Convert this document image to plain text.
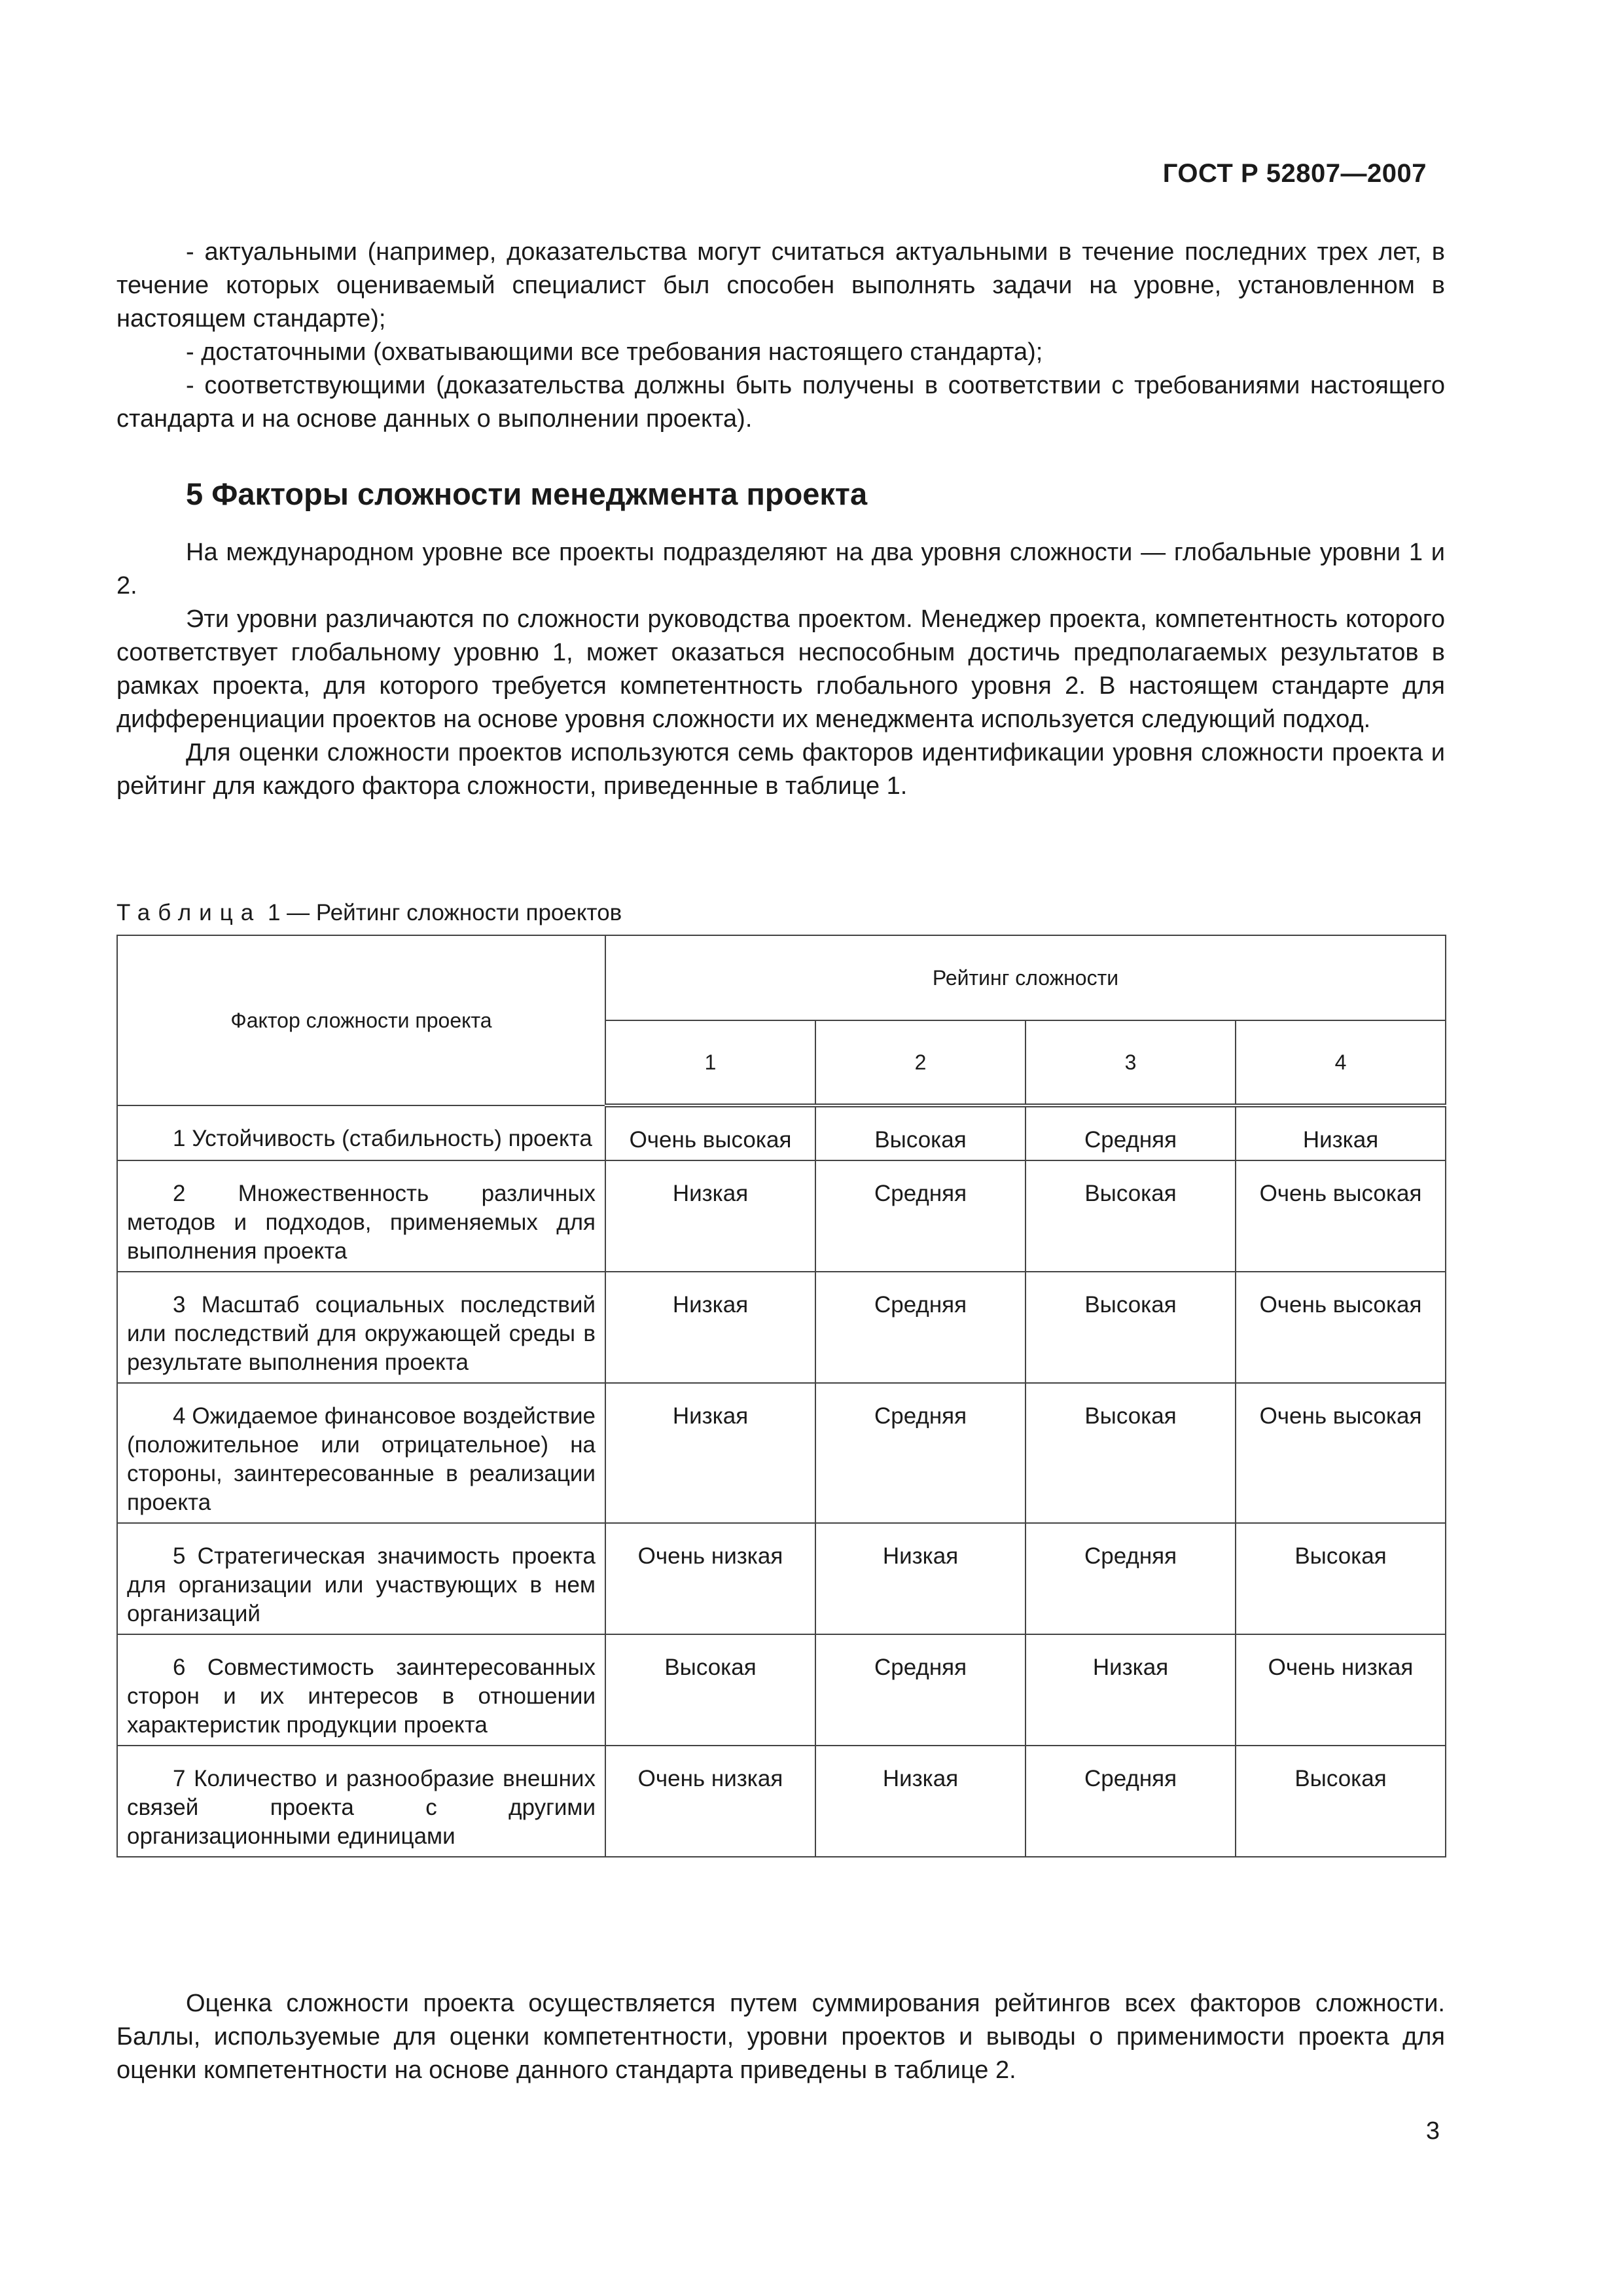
ГОСТ Р 52807—2007

- актуальными (например, доказательства могут считаться актуальными в течение последних трех лет, в течение которых оцениваемый специалист был способен выполнять задачи на уровне, установленном в настоящем стандарте);

- достаточными (охватывающими все требования настоящего стандарта);

- соответствующими (доказательства должны быть получены в соответствии с требованиями настоящего стандарта и на основе данных о выполнении проекта).

5 Факторы сложности менеджмента проекта

На международном уровне все проекты подразделяют на два уровня сложности — глобальные уровни 1 и 2.

Эти уровни различаются по сложности руководства проектом. Менеджер проекта, компетентность которого соответствует глобальному уровню 1, может оказаться неспособным достичь предполагаемых результатов в рамках проекта, для которого требуется компетентность глобального уровня 2. В настоящем стандарте для дифференциации проектов на основе уровня сложности их менеджмента используется следующий подход.

Для оценки сложности проектов используются семь факторов идентификации уровня сложности проекта и рейтинг для каждого фактора сложности, приведенные в таблице 1.

Таблица 1 — Рейтинг сложности проектов
Фактор сложности проекта	Рейтинг сложности			
	1	2	3	4
1 Устойчивость (стабильность) проекта	Очень высокая	Высокая	Средняя	Низкая
2 Множественность различных методов и подходов, применяемых для выполнения проекта	Низкая	Средняя	Высокая	Очень высокая
3 Масштаб социальных последствий или последствий для окружающей среды в результате выполнения проекта	Низкая	Средняя	Высокая	Очень высокая
4 Ожидаемое финансовое воздействие (положительное или отрицательное) на стороны, заинтересованные в реализации проекта	Низкая	Средняя	Высокая	Очень высокая
5 Стратегическая значимость проекта для организации или участвующих в нем организаций	Очень низкая	Низкая	Средняя	Высокая
6 Совместимость заинтересованных сторон и их интересов в отношении характеристик продукции проекта	Высокая	Средняя	Низкая	Очень низкая
7 Количество и разнообразие внешних связей проекта с другими организационными единицами	Очень низкая	Низкая	Средняя	Высокая

Оценка сложности проекта осуществляется путем суммирования рейтингов всех факторов сложности. Баллы, используемые для оценки компетентности, уровни проектов и выводы о применимости проекта для оценки компетентности на основе данного стандарта приведены в таблице 2.

3
